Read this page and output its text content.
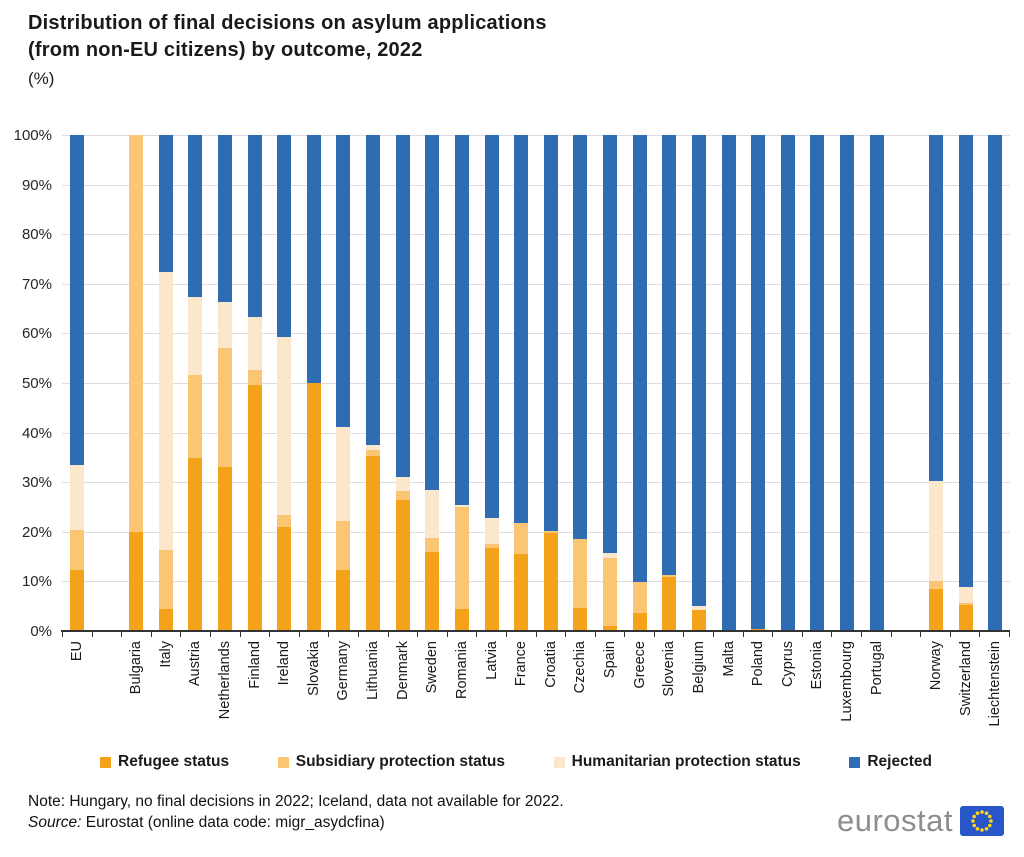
Distribution of final decisions on asylum applications
(from non-EU citizens) by outcome, 2022
(%)
0%
10%
20%
30%
40%
50%
60%
70%
80%
90%
100%
EU	Bulgaria Italy Austria Netherlands Finland Ireland Slovakia Germany Lithuania Denmark Sweden Romania Latvia France Croatia Czechia Spain Greece Slovenia Belgium Malta Poland Cyprus Estonia Luxembourg Portugal	Norway Switzerland Liechtenstein
Refugee status	Subsidiary protection status	Humanitarian protection status	Rejected
Note: Hungary, no final decisions in 2022; Iceland, data not available for 2022.
Source: Eurostat (online data code: migr_asydcfina)	eurostat
